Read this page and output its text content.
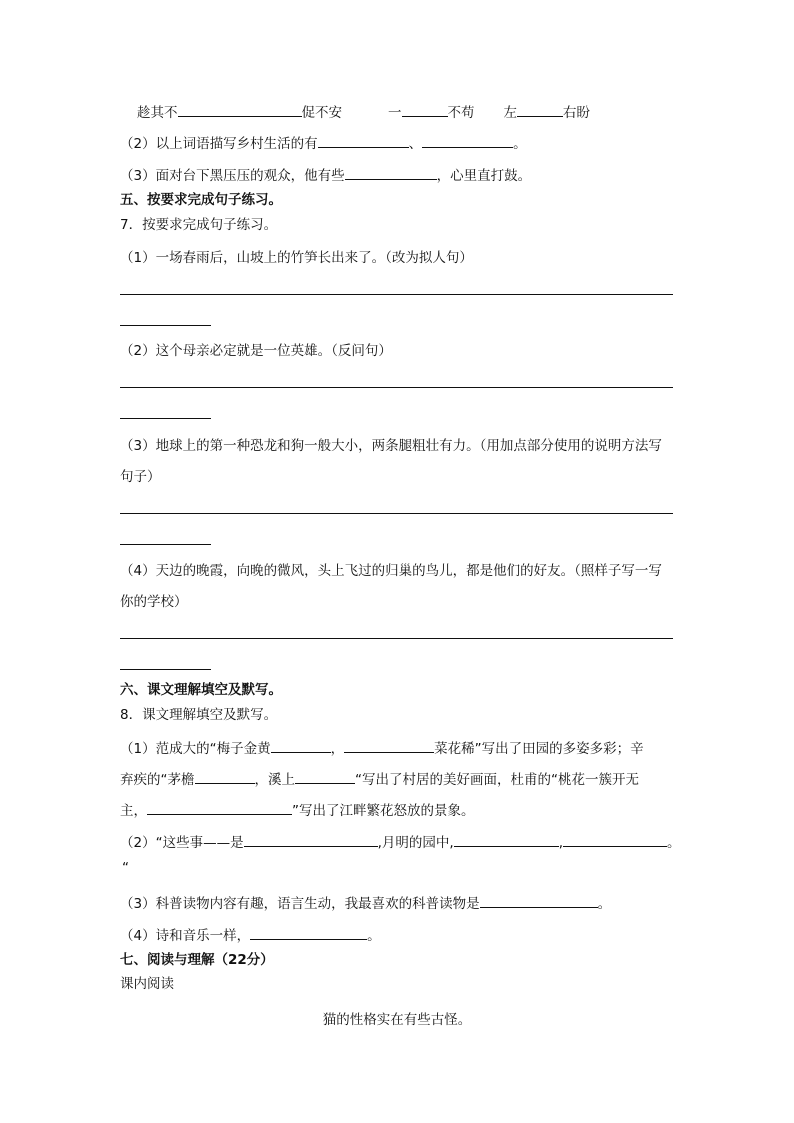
趁其不	促不安	一	不苟 左	右盼
（2）以上词语描写乡村生活的有	、	。
（3）面对台下黑压压的观众，他有些	，心里直打鼓。
五、按要求完成句子练习。
7．按要求完成句子练习。
（1）一场春雨后，山坡上的竹笋长出来了。（改为拟人句）
（2）这个母亲必定就是一位英雄。（反问句）
（3）地球上的第一种恐龙和狗一般大小，两条腿粗壮有力。（用加点部分使用的说明方法写
句子）
（4）天边的晚霞，向晚的微风，头上飞过的归巢的鸟儿，都是他们的好友。（照样子写一写
你的学校）
六、课文理解填空及默写。
8．课文理解填空及默写。
（1）范成大的“梅子金黄	，	菜花稀”写出了田园的多姿多彩；辛
弃疾的“茅檐	，溪上	“写出了村居的美好画面，杜甫的“桃花一簇开无
主，	”写出了江畔繁花怒放的景象。
（2）“这些事——是	,月明的园中,	,	。
“
（3）科普读物内容有趣，语言生动，我最喜欢的科普读物是	。
（4）诗和音乐一样，	。
七、阅读与理解（22分）
课内阅读
猫的性格实在有些古怪。
